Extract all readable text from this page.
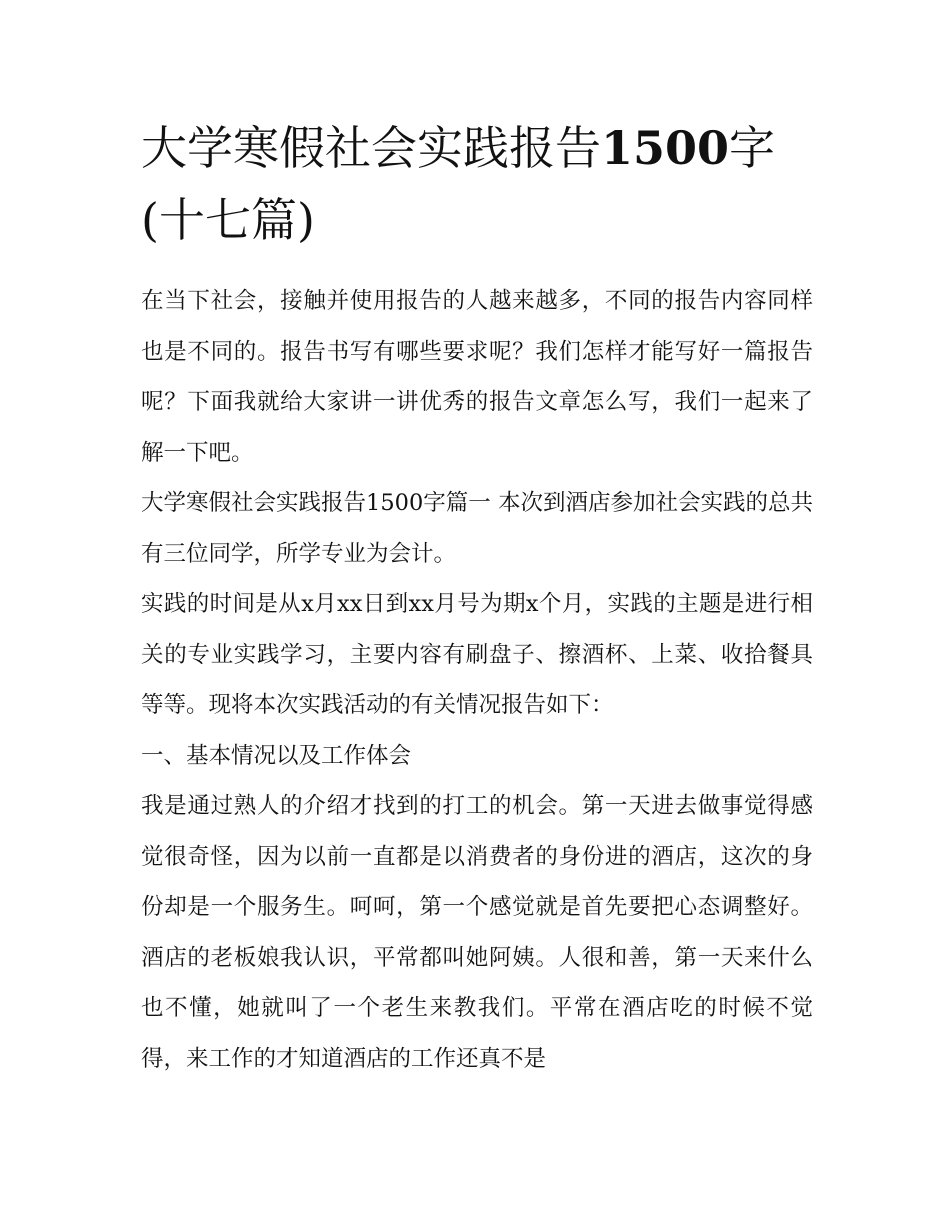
大学寒假社会实践报告1500字(十七篇)

在当下社会，接触并使用报告的人越来越多，不同的报告内容同样也是不同的。报告书写有哪些要求呢？我们怎样才能写好一篇报告呢？下面我就给大家讲一讲优秀的报告文章怎么写，我们一起来了解一下吧。

大学寒假社会实践报告1500字篇一 本次到酒店参加社会实践的总共有三位同学，所学专业为会计。

实践的时间是从x月xx日到xx月号为期x个月，实践的主题是进行相关的专业实践学习，主要内容有刷盘子、擦酒杯、上菜、收拾餐具等等。现将本次实践活动的有关情况报告如下：

一、基本情况以及工作体会

我是通过熟人的介绍才找到的打工的机会。第一天进去做事觉得感觉很奇怪，因为以前一直都是以消费者的身份进的酒店，这次的身份却是一个服务生。呵呵，第一个感觉就是首先要把心态调整好。酒店的老板娘我认识，平常都叫她阿姨。人很和善，第一天来什么也不懂，她就叫了一个老生来教我们。平常在酒店吃的时候不觉得，来工作的才知道酒店的工作还真不是
